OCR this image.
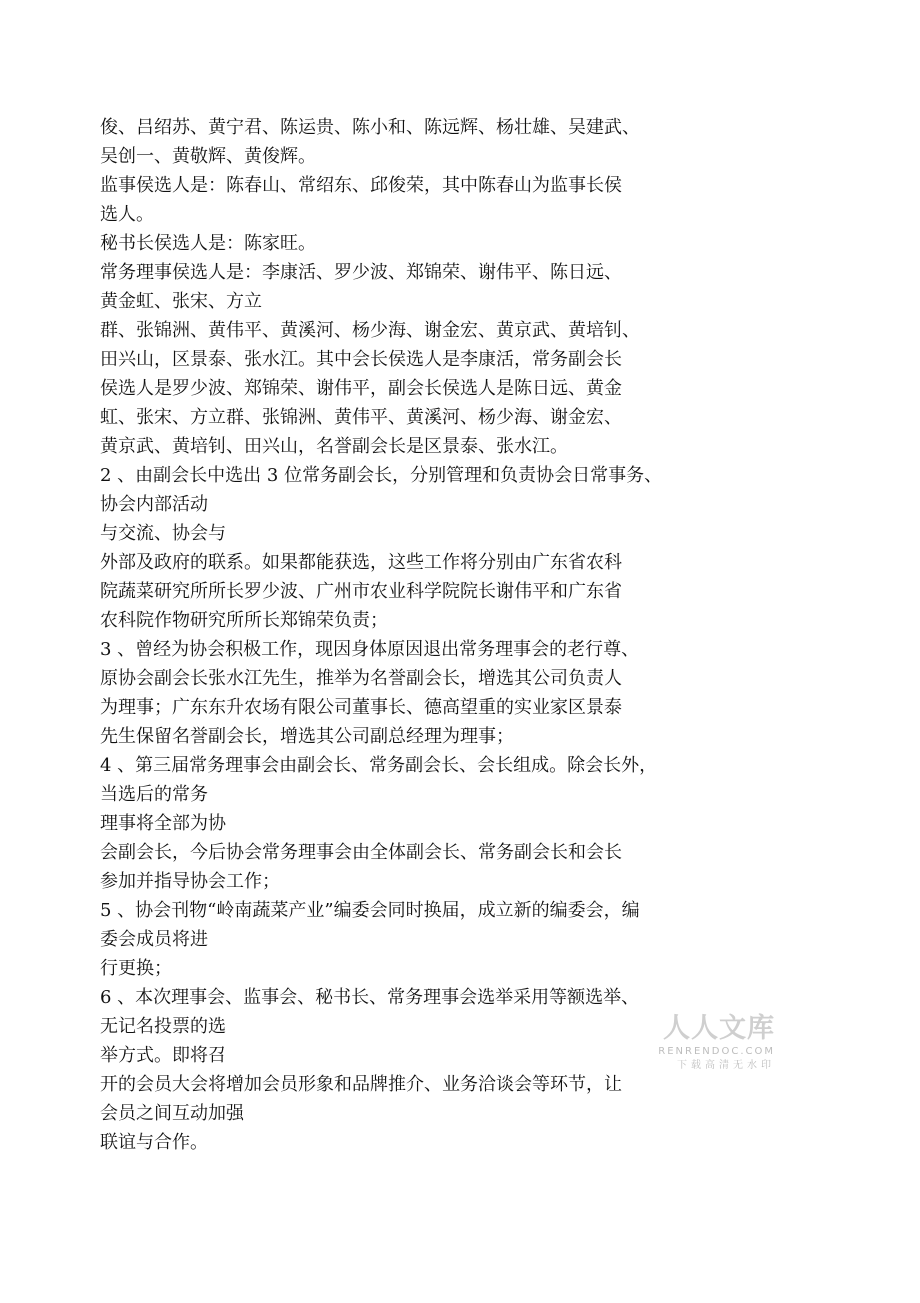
俊、吕绍苏、黄宁君、陈运贵、陈小和、陈远辉、杨壮雄、吴建武、
吴创一、黄敬辉、黄俊辉。
监事侯选人是：陈春山、常绍东、邱俊荣，其中陈春山为监事长侯
选人。
秘书长侯选人是：陈家旺。
常务理事侯选人是：李康活、罗少波、郑锦荣、谢伟平、陈日远、
黄金虹、张宋、方立
群、张锦洲、黄伟平、黄溪河、杨少海、谢金宏、黄京武、黄培钊、
田兴山，区景泰、张水江。其中会长侯选人是李康活，常务副会长
侯选人是罗少波、郑锦荣、谢伟平，副会长侯选人是陈日远、黄金
虹、张宋、方立群、张锦洲、黄伟平、黄溪河、杨少海、谢金宏、
黄京武、黄培钊、田兴山，名誉副会长是区景泰、张水江。
2 、由副会长中选出 3 位常务副会长，分别管理和负责协会日常事务、
协会内部活动
与交流、协会与
外部及政府的联系。如果都能获选，这些工作将分别由广东省农科
院蔬菜研究所所长罗少波、广州市农业科学院院长谢伟平和广东省
农科院作物研究所所长郑锦荣负责；
3 、曾经为协会积极工作，现因身体原因退出常务理事会的老行尊、
原协会副会长张水江先生，推举为名誉副会长，增选其公司负责人
为理事；广东东升农场有限公司董事长、德高望重的实业家区景泰
先生保留名誉副会长，增选其公司副总经理为理事；
4 、第三届常务理事会由副会长、常务副会长、会长组成。除会长外，
当选后的常务
理事将全部为协
会副会长，今后协会常务理事会由全体副会长、常务副会长和会长
参加并指导协会工作；
5 、协会刊物“岭南蔬菜产业”编委会同时换届，成立新的编委会，编
委会成员将进
行更换；
6 、本次理事会、监事会、秘书长、常务理事会选举采用等额选举、
无记名投票的选
举方式。即将召
开的会员大会将增加会员形象和品牌推介、业务洽谈会等环节，让
会员之间互动加强
联谊与合作。
人人文库
RENRENDOC.COM
下载高清无水印
